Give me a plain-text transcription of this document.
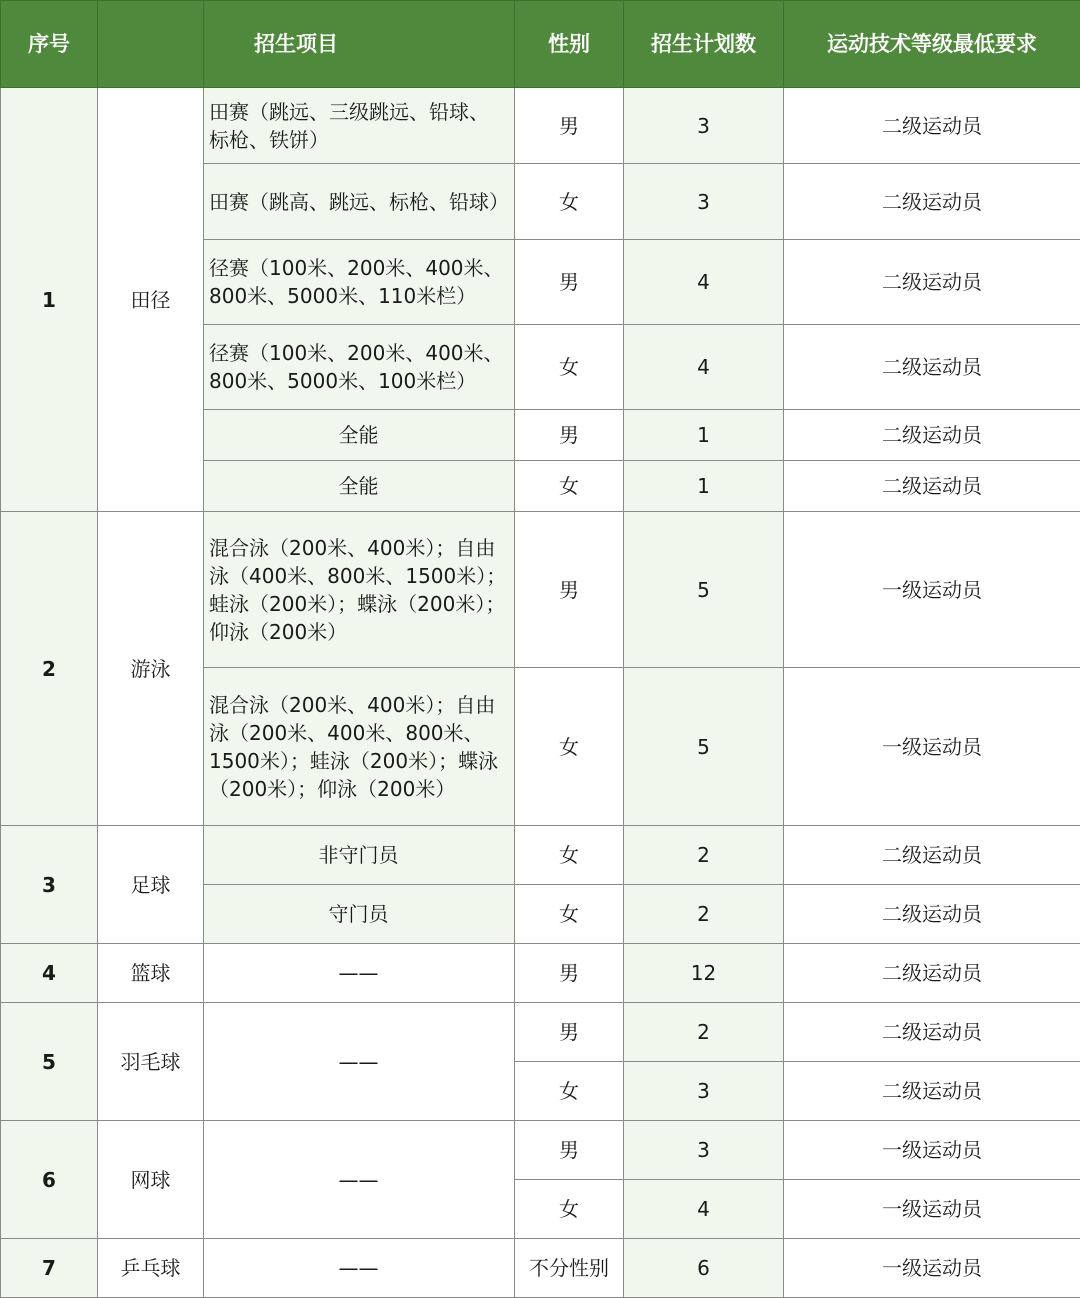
序号		招生项目	性别	招生计划数	运动技术等级最低要求
1	田径	田赛（跳远、三级跳远、铅球、标枪、铁饼）	男	3	二级运动员
		田赛（跳高、跳远、标枪、铅球）	女	3	二级运动员
		径赛（100米、200米、400米、800米、5000米、110米栏）	男	4	二级运动员
		径赛（100米、200米、400米、800米、5000米、100米栏）	女	4	二级运动员
		全能	男	1	二级运动员
		全能	女	1	二级运动员
2	游泳	混合泳（200米、400米）；自由泳（400米、800米、1500米）；蛙泳（200米）；蝶泳（200米）；仰泳（200米）	男	5	一级运动员
		混合泳（200米、400米）；自由泳（200米、400米、800米、1500米）；蛙泳（200米）；蝶泳（200米）；仰泳（200米）	女	5	一级运动员
3	足球	非守门员	女	2	二级运动员
		守门员	女	2	二级运动员
4	篮球	——	男	12	二级运动员
5	羽毛球	——	男	2	二级运动员
			女	3	二级运动员
6	网球	——	男	3	一级运动员
			女	4	一级运动员
7	乒乓球	——	不分性别	6	一级运动员
